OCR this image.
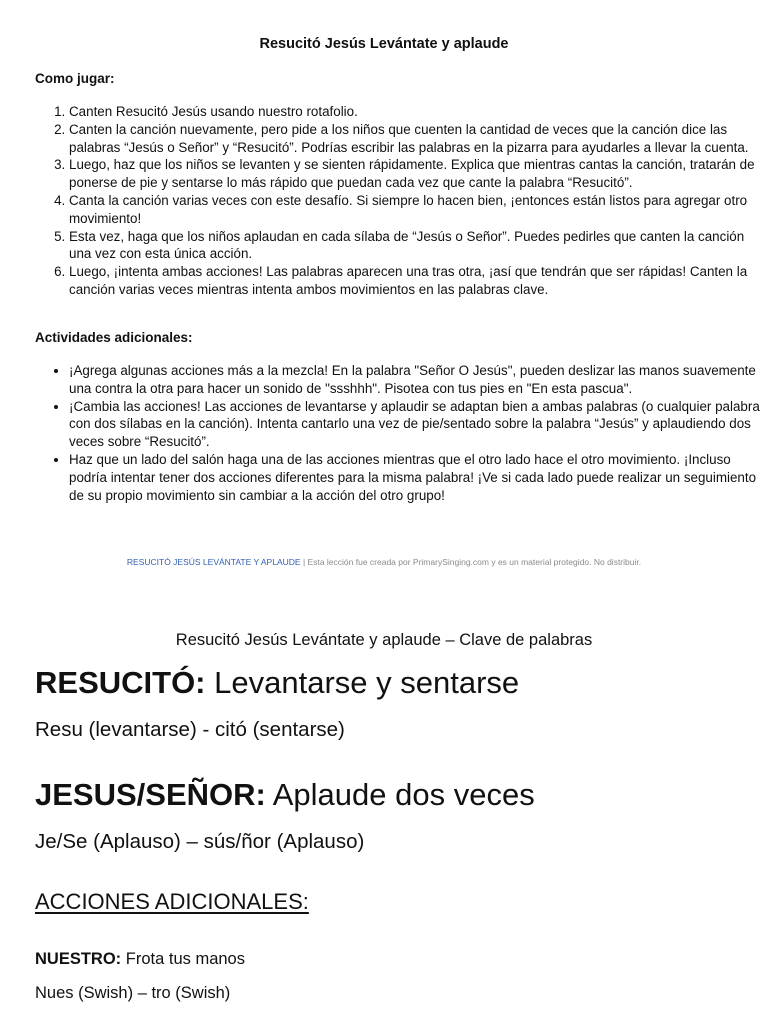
Resucitó Jesús Levántate y aplaude
Como jugar:
1. Canten Resucitó Jesús usando nuestro rotafolio.
2. Canten la canción nuevamente, pero pide a los niños que cuenten la cantidad de veces que la canción dice las palabras “Jesús o Señor” y “Resucitó”. Podrías escribir las palabras en la pizarra para ayudarles a llevar la cuenta.
3. Luego, haz que los niños se levanten y se sienten rápidamente. Explica que mientras cantas la canción, tratarán de ponerse de pie y sentarse lo más rápido que puedan cada vez que cante la palabra “Resucitó”.
4. Canta la canción varias veces con este desafío. Si siempre lo hacen bien, ¡entonces están listos para agregar otro movimiento!
5. Esta vez, haga que los niños aplaudan en cada sílaba de “Jesús o Señor”. Puedes pedirles que canten la canción una vez con esta única acción.
6. Luego, ¡intenta ambas acciones! Las palabras aparecen una tras otra, ¡así que tendrán que ser rápidas! Canten la canción varias veces mientras intenta ambos movimientos en las palabras clave.
Actividades adicionales:
• ¡Agrega algunas acciones más a la mezcla! En la palabra "Señor O Jesús", pueden deslizar las manos suavemente una contra la otra para hacer un sonido de "ssshhh". Pisotea con tus pies en "En esta pascua".
• ¡Cambia las acciones! Las acciones de levantarse y aplaudir se adaptan bien a ambas palabras (o cualquier palabra con dos sílabas en la canción). Intenta cantarlo una vez de pie/sentado sobre la palabra “Jesús” y aplaudiendo dos veces sobre “Resucitó”.
• Haz que un lado del salón haga una de las acciones mientras que el otro lado hace el otro movimiento. ¡Incluso podría intentar tener dos acciones diferentes para la misma palabra! ¡Ve si cada lado puede realizar un seguimiento de su propio movimiento sin cambiar a la acción del otro grupo!
RESUCITÓ JESÚS LEVÁNTATE Y APLAUDE | Esta lección fue creada por PrimarySinging.com y es un material protegido. No distribuir.
Resucitó Jesús Levántate y aplaude – Clave de palabras
RESUCITÓ: Levantarse y sentarse
Resu (levantarse) - citó (sentarse)
JESUS/SEÑOR: Aplaude dos veces
Je/Se (Aplauso) – sús/ñor (Aplauso)
ACCIONES ADICIONALES:
NUESTRO: Frota tus manos
Nues (Swish) – tro (Swish)
